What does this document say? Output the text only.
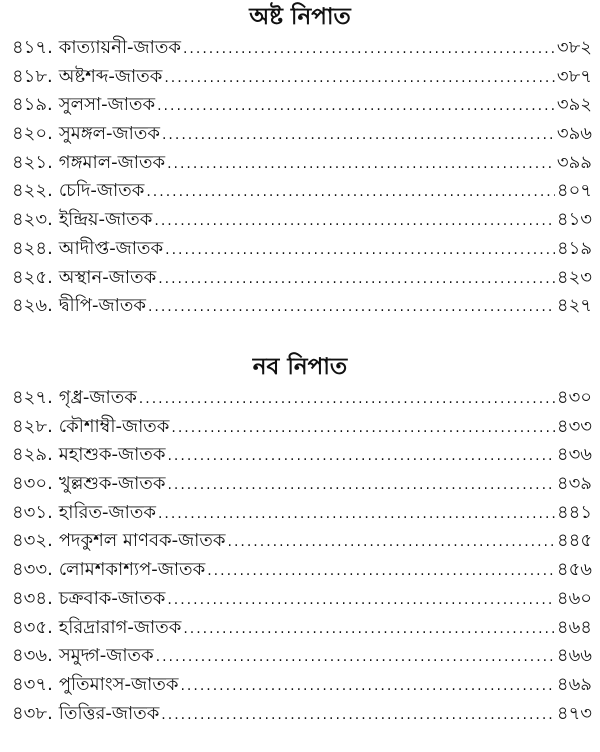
অষ্ট নিপাত
৪১৭. কাত্যায়নী-জাতক .....	৩৮২
৪১৮. অষ্টশব্দ-জাতক .....	৩৮৭
৪১৯. সুলসা-জাতক .....	৩৯২
৪২০. সুমঙ্গল-জাতক .....	৩৯৬
৪২১. গঙ্গমাল-জাতক .....	৩৯৯
৪২২. চেদি-জাতক .....	৪০৭
৪২৩. ইন্দ্রিয়-জাতক .....	৪১৩
৪২৪. আদীপ্ত-জাতক .....	৪১৯
৪২৫. অস্থান-জাতক .....	৪২৩
৪২৬. দ্বীপি-জাতক .....	৪২৭
নব নিপাত
৪২৭. গৃধ্র-জাতক .....	৪৩০
৪২৮. কৌশাম্বী-জাতক .....	৪৩৩
৪২৯. মহাশুক-জাতক .....	৪৩৬
৪৩০. খুল্লশুক-জাতক .....	৪৩৯
৪৩১. হারিত-জাতক .....	৪৪১
৪৩২. পদকুশল মাণবক-জাতক .....	৪৪৫
৪৩৩. লোমশকাশ্যপ-জাতক .....	৪৫৬
৪৩৪. চক্রবাক-জাতক .....	৪৬০
৪৩৫. হরিদ্রারাগ-জাতক .....	৪৬৪
৪৩৬. সমুদ্গ-জাতক .....	৪৬৬
৪৩৭. পুতিমাংস-জাতক .....	৪৬৯
৪৩৮. তিত্তির-জাতক .....	৪৭৩
